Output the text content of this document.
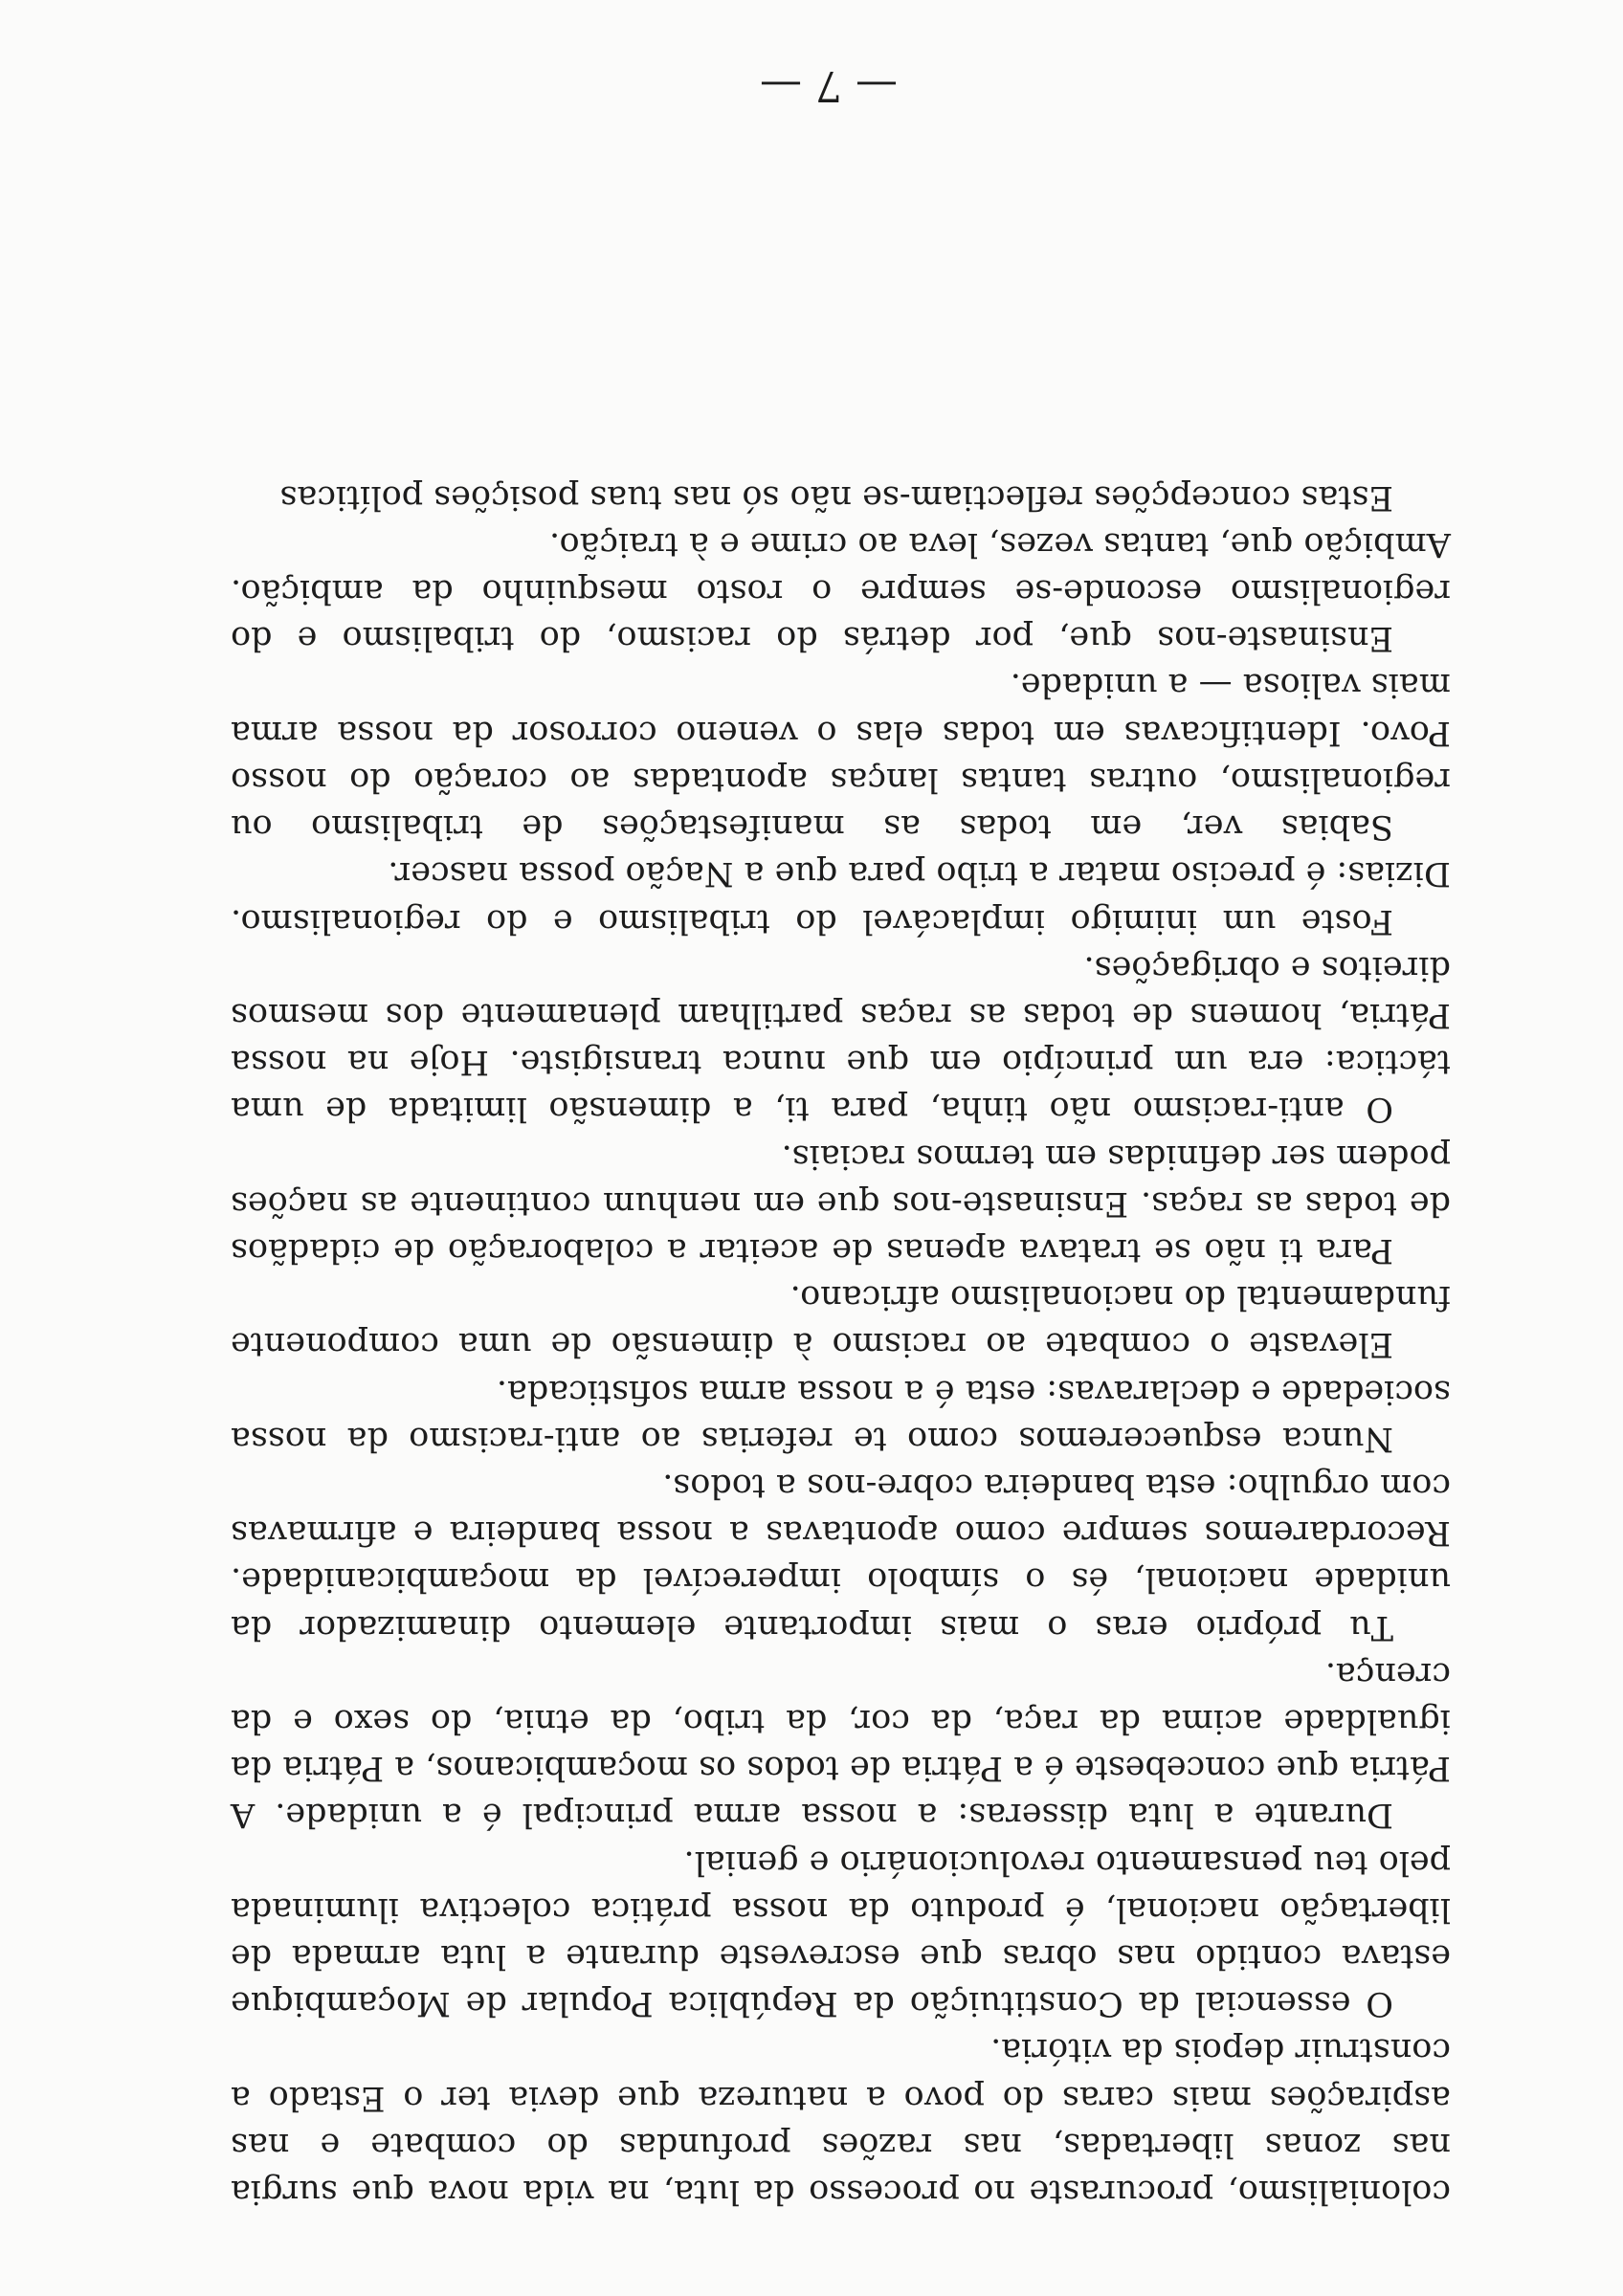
colonialismo, procuraste no processo da luta, na vida nova que surgia nas zonas libertadas, nas razões profundas do combate e nas aspirações mais caras do povo a natureza que devia ter o Estado a construir depois da vitória.

O essencial da Constituição da República Popular de Moçambique estava contido nas obras que escreveste durante a luta armada de libertação nacional, é produto da nossa prática colectiva iluminada pelo teu pensamento revolucionário e genial.

Durante a luta disseras: a nossa arma principal é a unidade. A Pátria que concebeste é a Pátria de todos os moçambicanos, a Pátria da igualdade acima da raça, da cor, da tribo, da etnia, do sexo e da crença.

Tu próprio eras o mais importante elemento dinamizador da unidade nacional, és o símbolo imperecível da moçambicanidade. Recordaremos sempre como apontavas a nossa bandeira e afirmavas com orgulho: esta bandeira cobre-nos a todos.

Nunca esqueceremos como te referias ao anti-racismo da nossa sociedade e declaravas: esta é a nossa arma sofisticada.

Elevaste o combate ao racismo à dimensão de uma componente fundamental do nacionalismo africano.

Para ti não se tratava apenas de aceitar a colaboração de cidadãos de todas as raças. Ensinaste-nos que em nenhum continente as nações podem ser definidas em termos raciais.

O anti-racismo não tinha, para ti, a dimensão limitada de uma táctica: era um princípio em que nunca transigiste. Hoje na nossa Pátria, homens de todas as raças partilham plenamente dos mesmos direitos e obrigações.

Foste um inimigo implacável do tribalismo e do regionalismo. Dizias: é preciso matar a tribo para que a Nação possa nascer.

Sabias ver, em todas as manifestações de tribalismo ou regionalismo, outras tantas lanças apontadas ao coração do nosso Povo. Identificavas em todas elas o veneno corrosor da nossa arma mais valiosa — a unidade.

Ensinaste-nos que, por detrás do racismo, do tribalismo e do regionalismo esconde-se sempre o rosto mesquinho da ambição. Ambição que, tantas vezes, leva ao crime e à traição.

Estas concepções reflectiam-se não só nas tuas posições políticas

— 7 —
